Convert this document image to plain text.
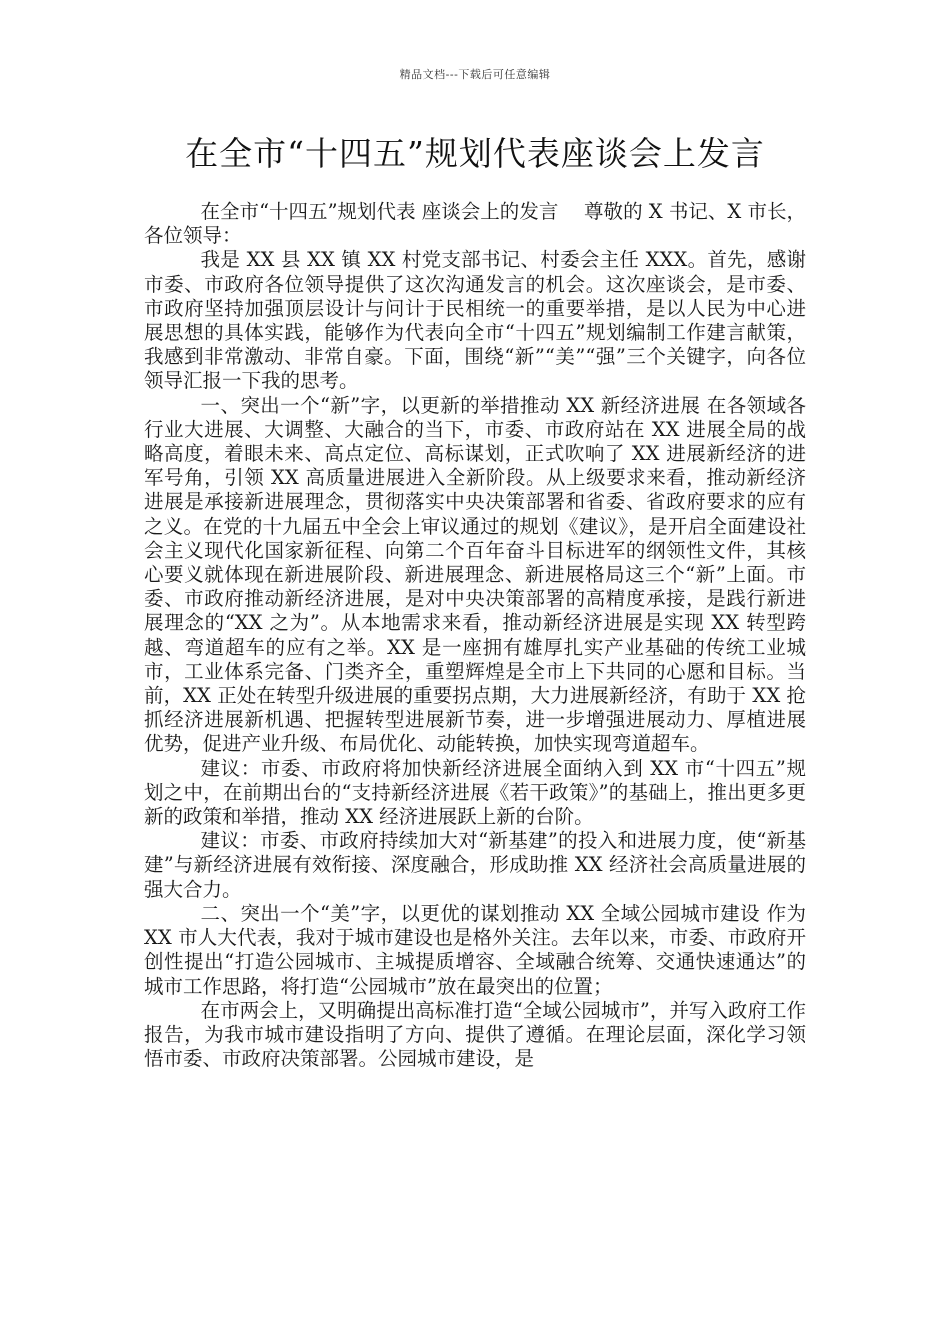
精品文档---下载后可任意编辑
在全市“十四五”规划代表座谈会上发言

在全市“十四五”规划代表 座谈会上的发言　 尊敬的 X 书记、X 市长，各位领导：

我是 XX 县 XX 镇 XX 村党支部书记、村委会主任 XXX。首先，感谢市委、市政府各位领导提供了这次沟通发言的机会。这次座谈会，是市委、市政府坚持加强顶层设计与问计于民相统一的重要举措，是以人民为中心进展思想的具体实践，能够作为代表向全市“十四五”规划编制工作建言献策，我感到非常激动、非常自豪。下面，围绕“新”“美”“强”三个关键字，向各位领导汇报一下我的思考。

一、突出一个“新”字，以更新的举措推动 XX 新经济进展 在各领域各行业大进展、大调整、大融合的当下，市委、市政府站在 XX 进展全局的战略高度，着眼未来、高点定位、高标谋划，正式吹响了 XX 进展新经济的进军号角，引领 XX 高质量进展进入全新阶段。从上级要求来看，推动新经济进展是承接新进展理念，贯彻落实中央决策部署和省委、省政府要求的应有之义。在党的十九届五中全会上审议通过的规划《建议》，是开启全面建设社会主义现代化国家新征程、向第二个百年奋斗目标进军的纲领性文件，其核心要义就体现在新进展阶段、新进展理念、新进展格局这三个“新”上面。市委、市政府推动新经济进展，是对中央决策部署的高精度承接，是践行新进展理念的“XX 之为”。从本地需求来看，推动新经济进展是实现 XX 转型跨越、弯道超车的应有之举。XX 是一座拥有雄厚扎实产业基础的传统工业城市，工业体系完备、门类齐全，重塑辉煌是全市上下共同的心愿和目标。当前，XX 正处在转型升级进展的重要拐点期，大力进展新经济，有助于 XX 抢抓经济进展新机遇、把握转型进展新节奏，进一步增强进展动力、厚植进展优势，促进产业升级、布局优化、动能转换，加快实现弯道超车。

建议：市委、市政府将加快新经济进展全面纳入到 XX 市“十四五”规划之中，在前期出台的“支持新经济进展《若干政策》”的基础上，推出更多更新的政策和举措，推动 XX 经济进展跃上新的台阶。

建议：市委、市政府持续加大对“新基建”的投入和进展力度，使“新基建”与新经济进展有效衔接、深度融合，形成助推 XX 经济社会高质量进展的强大合力。

二、突出一个“美”字，以更优的谋划推动 XX 全域公园城市建设 作为 XX 市人大代表，我对于城市建设也是格外关注。去年以来，市委、市政府开创性提出“打造公园城市、主城提质增容、全域融合统筹、交通快速通达”的城市工作思路，将打造“公园城市”放在最突出的位置；

在市两会上，又明确提出高标准打造“全域公园城市”，并写入政府工作报告，为我市城市建设指明了方向、提供了遵循。在理论层面，深化学习领悟市委、市政府决策部署。公园城市建设，是
